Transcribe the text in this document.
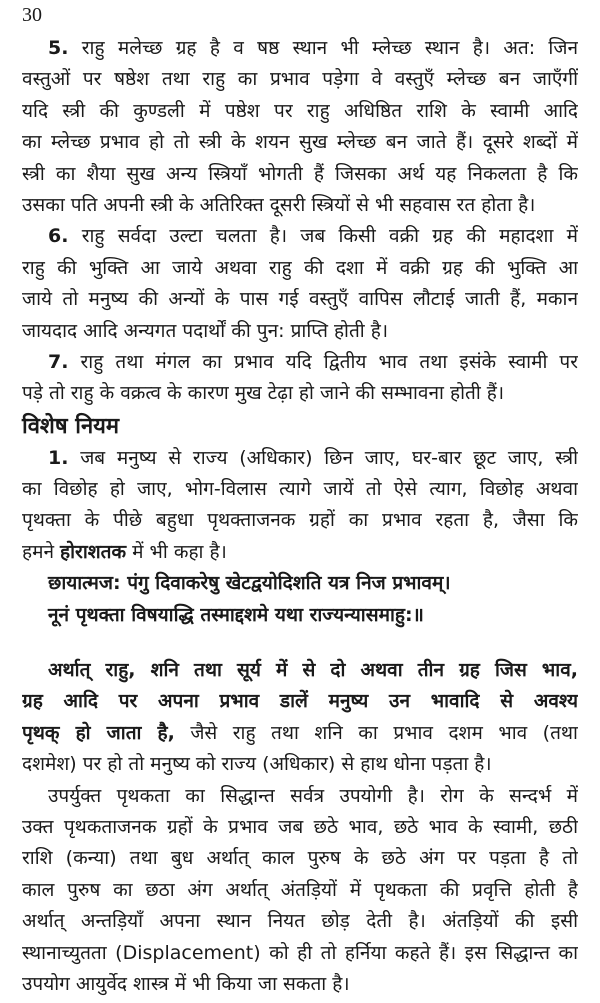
30
5. राहु मलेच्छ ग्रह है व षष्ठ स्थान भी म्लेच्छ स्थान है। अत: जिन
वस्तुओं पर षष्ठेश तथा राहु का प्रभाव पड़ेगा वे वस्तुएँ म्लेच्छ बन जाएँगीं
यदि स्त्री की कुण्डली में पष्ठेश पर राहु अधिष्ठित राशि के स्वामी आदि
का म्लेच्छ प्रभाव हो तो स्त्री के शयन सुख म्लेच्छ बन जाते हैं। दूसरे शब्दों में
स्त्री का शैया सुख अन्य स्त्रियाँ भोगती हैं जिसका अर्थ यह निकलता है कि
उसका पति अपनी स्त्री के अतिरिक्त दूसरी स्त्रियों से भी सहवास रत होता है।
6. राहु सर्वदा उल्टा चलता है। जब किसी वक्री ग्रह की महादशा में
राहु की भुक्ति आ जाये अथवा राहु की दशा में वक्री ग्रह की भुक्ति आ
जाये तो मनुष्य की अन्यों के पास गई वस्तुएँ वापिस लौटाई जाती हैं, मकान
जायदाद आदि अन्यगत पदार्थों की पुन: प्राप्ति होती है।
7. राहु तथा मंगल का प्रभाव यदि द्वितीय भाव तथा इसंके स्वामी पर
पड़े तो राहु के वक्रत्व के कारण मुख टेढ़ा हो जाने की सम्भावना होती हैं।
विशेष नियम
1. जब मनुष्य से राज्य (अधिकार) छिन जाए, घर-बार छूट जाए, स्त्री
का विछोह हो जाए, भोग-विलास त्यागे जायें तो ऐसे त्याग, विछोह अथवा
पृथक्ता के पीछे बहुधा पृथक्ताजनक ग्रहों का प्रभाव रहता है, जैसा कि
हमने होराशतक में भी कहा है।
छायात्मज: पंगु दिवाकरेषु खेटद्वयोदिशति यत्र निज प्रभावम्।
नूनं पृथक्ता विषयाद्धि तस्माद्दशमे यथा राज्यन्यासमाहु:॥
अर्थात् राहु, शनि तथा सूर्य में से दो अथवा तीन ग्रह जिस भाव,
ग्रह आदि पर अपना प्रभाव डालें मनुष्य उन भावादि से अवश्य
पृथक् हो जाता है, जैसे राहु तथा शनि का प्रभाव दशम भाव (तथा
दशमेश) पर हो तो मनुष्य को राज्य (अधिकार) से हाथ धोना पड़ता है।
उपर्युक्त पृथकता का सिद्धान्त सर्वत्र उपयोगी है। रोग के सन्दर्भ में
उक्त पृथकताजनक ग्रहों के प्रभाव जब छठे भाव, छठे भाव के स्वामी, छठी
राशि (कन्या) तथा बुध अर्थात् काल पुरुष के छठे अंग पर पड़ता है तो
काल पुरुष का छठा अंग अर्थात् अंतड़ियों में पृथकता की प्रवृत्ति होती है
अर्थात् अन्तड़ियाँ अपना स्थान नियत छोड़ देती है। अंतड़ियों की इसी
स्थानाच्युतता (Displacement) को ही तो हर्निया कहते हैं। इस सिद्धान्त का
उपयोग आयुर्वेद शास्त्र में भी किया जा सकता है।
